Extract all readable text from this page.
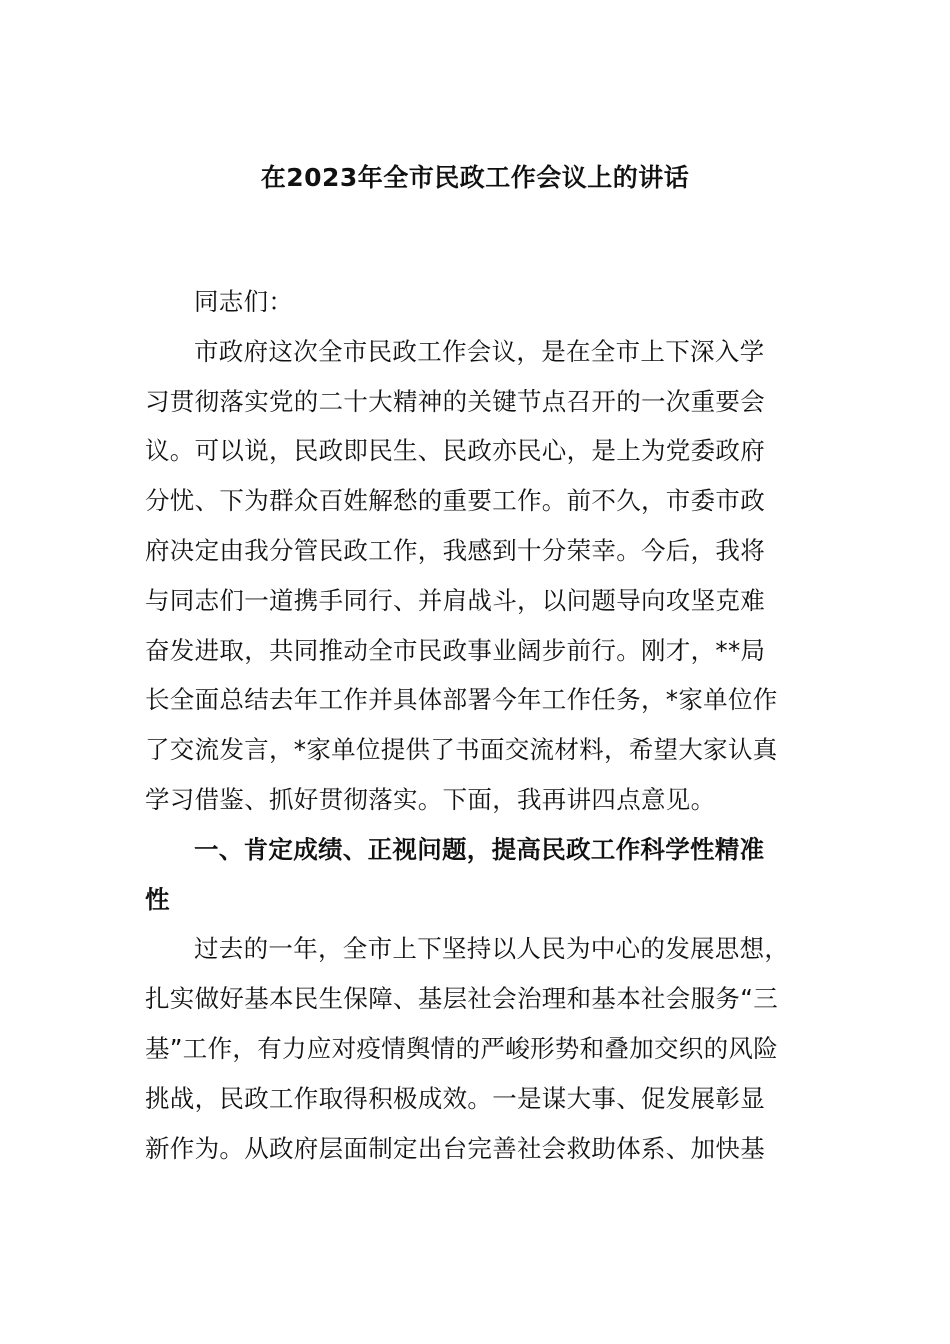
在2023年全市民政工作会议上的讲话
同志们：
市政府这次全市民政工作会议，是在全市上下深入学
习贯彻落实党的二十大精神的关键节点召开的一次重要会
议。可以说，民政即民生、民政亦民心，是上为党委政府
分忧、下为群众百姓解愁的重要工作。前不久，市委市政
府决定由我分管民政工作，我感到十分荣幸。今后，我将
与同志们一道携手同行、并肩战斗，以问题导向攻坚克难
奋发进取，共同推动全市民政事业阔步前行。刚才，**局
长全面总结去年工作并具体部署今年工作任务，*家单位作
了交流发言，*家单位提供了书面交流材料，希望大家认真
学习借鉴、抓好贯彻落实。下面，我再讲四点意见。
一、肯定成绩、正视问题，提高民政工作科学性精准
性
过去的一年，全市上下坚持以人民为中心的发展思想，
扎实做好基本民生保障、基层社会治理和基本社会服务“三
基”工作，有力应对疫情舆情的严峻形势和叠加交织的风险
挑战，民政工作取得积极成效。一是谋大事、促发展彰显
新作为。从政府层面制定出台完善社会救助体系、加快基
